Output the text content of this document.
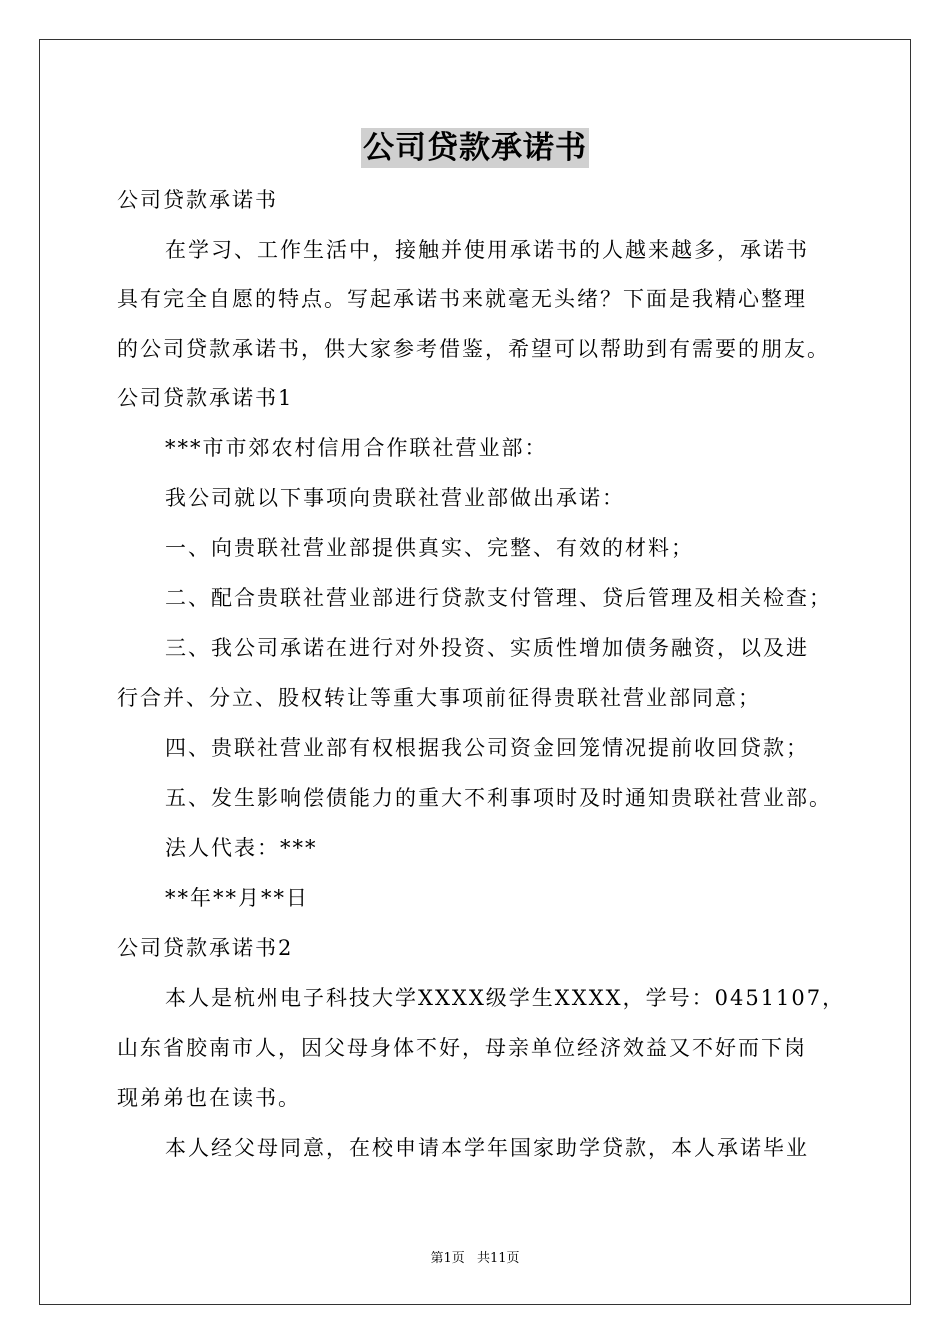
公司贷款承诺书
公司贷款承诺书
在学习、工作生活中，接触并使用承诺书的人越来越多，承诺书
具有完全自愿的特点。写起承诺书来就毫无头绪？下面是我精心整理
的公司贷款承诺书，供大家参考借鉴，希望可以帮助到有需要的朋友。
公司贷款承诺书1
***市市郊农村信用合作联社营业部：
我公司就以下事项向贵联社营业部做出承诺：
一、向贵联社营业部提供真实、完整、有效的材料；
二、配合贵联社营业部进行贷款支付管理、贷后管理及相关检查；
三、我公司承诺在进行对外投资、实质性增加债务融资，以及进
行合并、分立、股权转让等重大事项前征得贵联社营业部同意；
四、贵联社营业部有权根据我公司资金回笼情况提前收回贷款；
五、发生影响偿债能力的重大不利事项时及时通知贵联社营业部。
法人代表：***
**年**月**日
公司贷款承诺书2
本人是杭州电子科技大学XXXX级学生XXXX，学号：0451107，
山东省胶南市人，因父母身体不好，母亲单位经济效益又不好而下岗
现弟弟也在读书。
本人经父母同意，在校申请本学年国家助学贷款，本人承诺毕业
第1页 共11页
